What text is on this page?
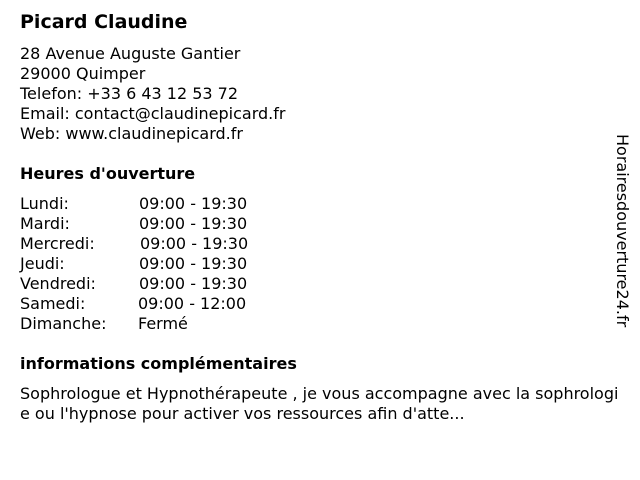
Picard Claudine
28 Avenue Auguste Gantier
29000 Quimper
Telefon: +33 6 43 12 53 72
Email: contact@claudinepicard.fr
Web: www.claudinepicard.fr
Heures d'ouverture
Lundi:	09:00 - 19:30
Mardi:	09:00 - 19:30
Mercredi:	09:00 - 19:30
Jeudi:	09:00 - 19:30
Vendredi:	09:00 - 19:30
Samedi:	09:00 - 12:00
Dimanche: Fermé
informations complémentaires
Sophrologue et Hypnothérapeute , je vous accompagne avec la sophrologie ou l'hypnose pour activer vos ressources afin d'atte...
Horairesdouverture24.fr
